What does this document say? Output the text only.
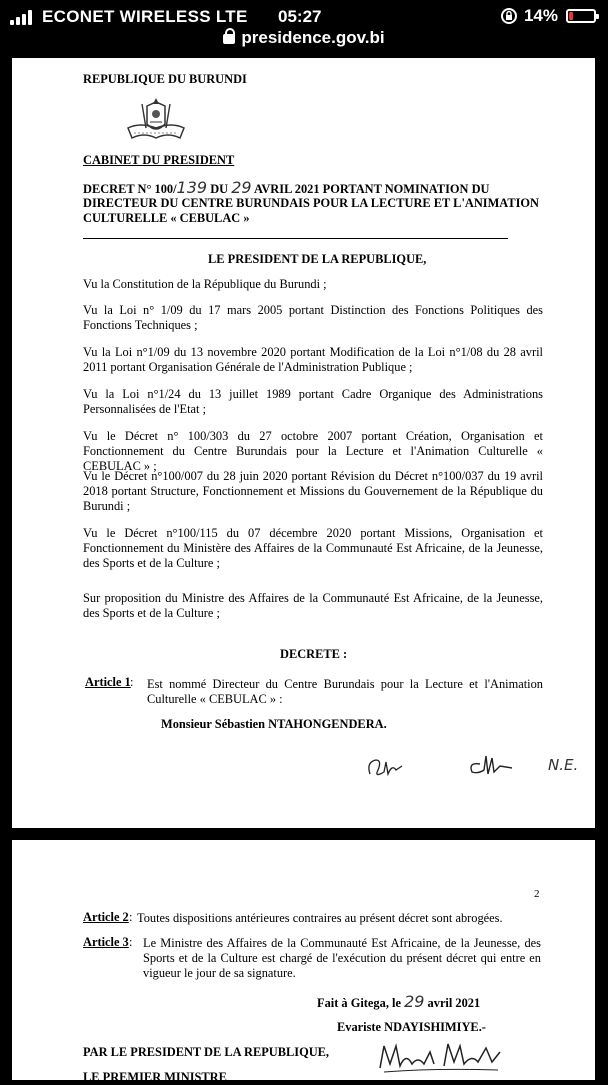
ECONET WIRELESS LTE 05:27	14%
presidence.gov.bi
REPUBLIQUE DU BURUNDI
CABINET DU PRESIDENT
DECRET N° 100/139 DU 29 AVRIL 2021 PORTANT NOMINATION DU
DIRECTEUR DU CENTRE BURUNDAIS POUR LA LECTURE ET L'ANIMATION
CULTURELLE « CEBULAC »
LE PRESIDENT DE LA REPUBLIQUE,
Vu la Constitution de la République du Burundi ;
Vu la Loi n° 1/09 du 17 mars 2005 portant Distinction des Fonctions Politiques des Fonctions Techniques ;
Vu la Loi n°1/09 du 13 novembre 2020 portant Modification de la Loi n°1/08 du 28 avril 2011 portant Organisation Générale de l'Administration Publique ;
Vu la Loi n°1/24 du 13 juillet 1989 portant Cadre Organique des Administrations Personnalisées de l'Etat ;
Vu le Décret n° 100/303 du 27 octobre 2007 portant Création, Organisation et Fonctionnement du Centre Burundais pour la Lecture et l'Animation Culturelle « CEBULAC » ;
Vu le Décret n°100/007 du 28 juin 2020 portant Révision du Décret n°100/037 du 19 avril 2018 portant Structure, Fonctionnement et Missions du Gouvernement de la République du Burundi ;
Vu le Décret n°100/115 du 07 décembre 2020 portant Missions, Organisation et Fonctionnement du Ministère des Affaires de la Communauté Est Africaine, de la Jeunesse, des Sports et de la Culture ;
Sur proposition du Ministre des Affaires de la Communauté Est Africaine, de la Jeunesse, des Sports et de la Culture ;
DECRETE :
Article 1 : Est nommé Directeur du Centre Burundais pour la Lecture et l'Animation Culturelle « CEBULAC » :
Monsieur Sébastien NTAHONGENDERA.
N.E.
2
Article 2 : Toutes dispositions antérieures contraires au présent décret sont abrogées.
Article 3 : Le Ministre des Affaires de la Communauté Est Africaine, de la Jeunesse, des Sports et de la Culture est chargé de l'exécution du présent décret qui entre en vigueur le jour de sa signature.
Fait à Gitega, le 29 avril 2021
Evariste NDAYISHIMIYE.-
PAR LE PRESIDENT DE LA REPUBLIQUE,
LE PREMIER MINISTRE
